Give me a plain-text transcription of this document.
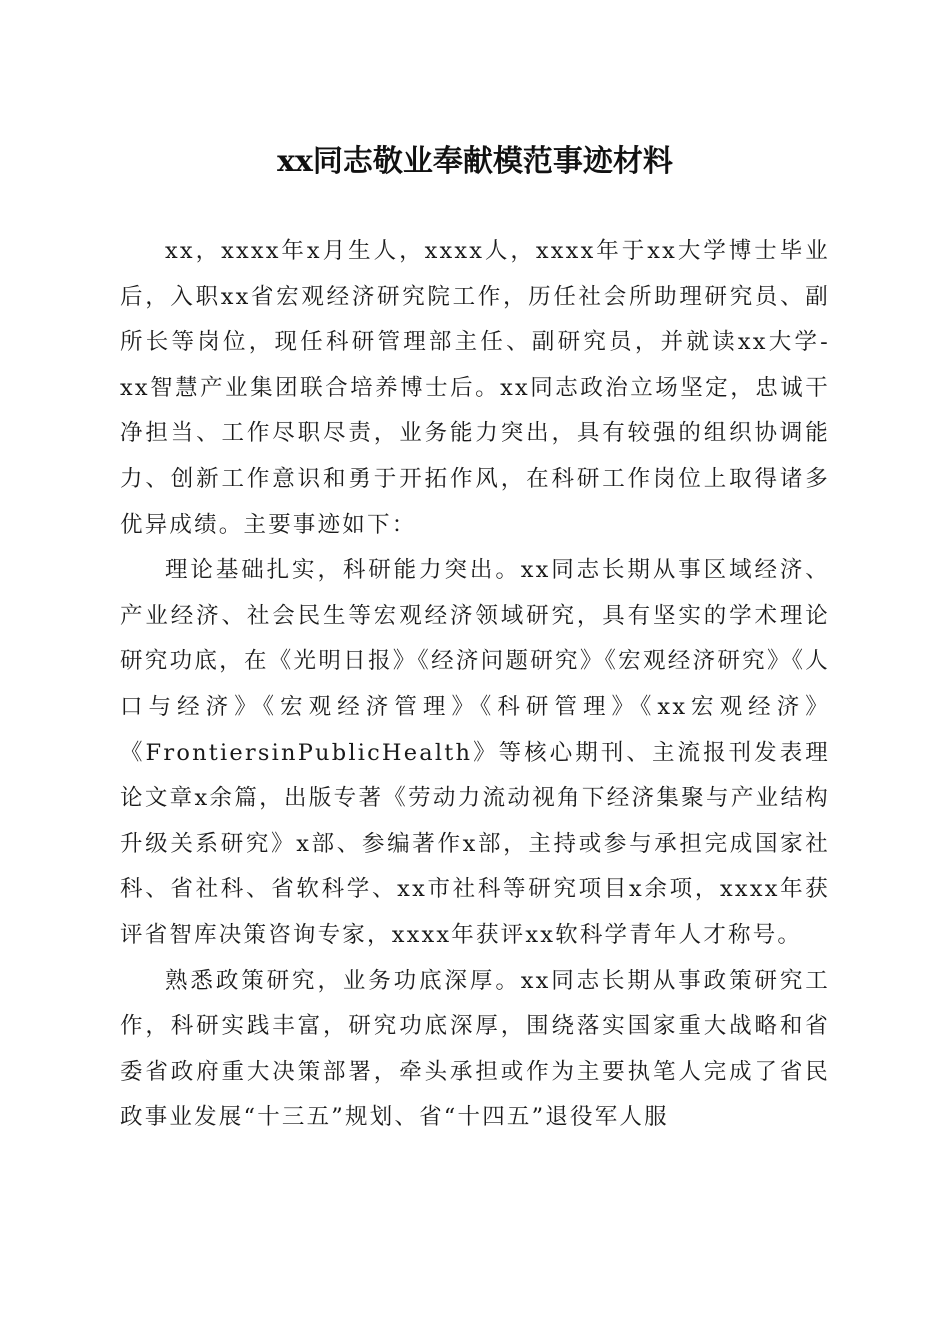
xx同志敬业奉献模范事迹材料

xx，xxxx年x月生人，xxxx人，xxxx年于xx大学博士毕业后，入职xx省宏观经济研究院工作，历任社会所助理研究员、副所长等岗位，现任科研管理部主任、副研究员，并就读xx大学-xx智慧产业集团联合培养博士后。xx同志政治立场坚定，忠诚干净担当、工作尽职尽责，业务能力突出，具有较强的组织协调能力、创新工作意识和勇于开拓作风，在科研工作岗位上取得诸多优异成绩。主要事迹如下：

理论基础扎实，科研能力突出。xx同志长期从事区域经济、产业经济、社会民生等宏观经济领域研究，具有坚实的学术理论研究功底，在《光明日报》《经济问题研究》《宏观经济研究》《人口与经济》《宏观经济管理》《科研管理》《xx宏观经济》《FrontiersinPublicHealth》等核心期刊、主流报刊发表理论文章x余篇，出版专著《劳动力流动视角下经济集聚与产业结构升级关系研究》x部、参编著作x部，主持或参与承担完成国家社科、省社科、省软科学、xx市社科等研究项目x余项，xxxx年获评省智库决策咨询专家，xxxx年获评xx软科学青年人才称号。

熟悉政策研究，业务功底深厚。xx同志长期从事政策研究工作，科研实践丰富，研究功底深厚，围绕落实国家重大战略和省委省政府重大决策部署，牵头承担或作为主要执笔人完成了省民政事业发展“十三五”规划、省“十四五”退役军人服
